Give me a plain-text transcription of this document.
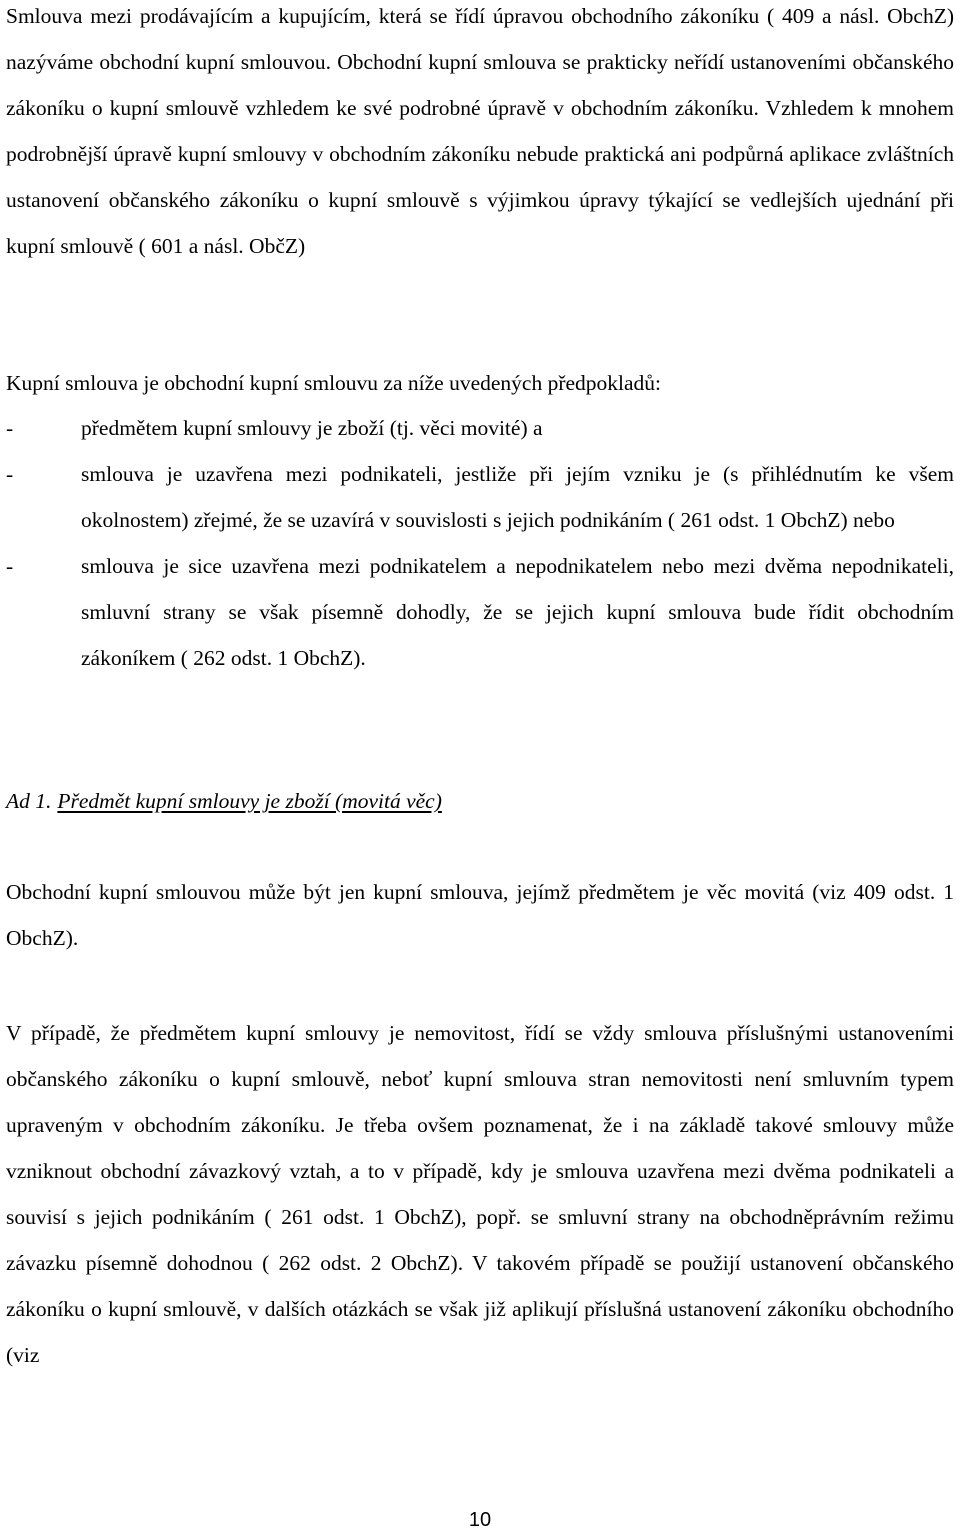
Smlouva mezi prodávajícím a kupujícím, která se řídí úpravou obchodního zákoníku ( 409 a násl. ObchZ) nazýváme obchodní kupní smlouvou. Obchodní kupní smlouva se prakticky neřídí ustanoveními občanského zákoníku o kupní smlouvě vzhledem ke své podrobné úpravě v obchodním zákoníku. Vzhledem k mnohem podrobnější úpravě kupní smlouvy v obchodním zákoníku nebude praktická ani podpůrná aplikace zvláštních ustanovení občanského zákoníku o kupní smlouvě s výjimkou úpravy týkající se vedlejších ujednání při kupní smlouvě ( 601 a násl. ObčZ)

Kupní smlouva je obchodní kupní smlouvu za níže uvedených předpokladů:

-	předmětem kupní smlouvy je zboží (tj. věci movité) a
-	smlouva je uzavřena mezi podnikateli, jestliže při jejím vzniku je (s přihlédnutím ke všem okolnostem) zřejmé, že se uzavírá v souvislosti s jejich podnikáním ( 261 odst. 1 ObchZ) nebo
-	smlouva je sice uzavřena mezi podnikatelem a nepodnikatelem nebo mezi dvěma nepodnikateli, smluvní strany se však písemně dohodly, že se jejich kupní smlouva bude řídit obchodním zákoníkem ( 262 odst. 1 ObchZ).
Ad 1. Předmět kupní smlouvy je zboží (movitá věc)

Obchodní kupní smlouvou může být jen kupní smlouva, jejímž předmětem je věc movitá (viz 409 odst. 1 ObchZ).

V případě, že předmětem kupní smlouvy je nemovitost, řídí se vždy smlouva příslušnými ustanoveními občanského zákoníku o kupní smlouvě, neboť kupní smlouva stran nemovitosti není smluvním typem upraveným v obchodním zákoníku. Je třeba ovšem poznamenat, že i na základě takové smlouvy může vzniknout obchodní závazkový vztah, a to v případě, kdy je smlouva uzavřena mezi dvěma podnikateli a souvisí s jejich podnikáním ( 261 odst. 1 ObchZ), popř. se smluvní strany na obchodněprávním režimu závazku písemně dohodnou ( 262 odst. 2 ObchZ). V takovém případě se použijí ustanovení občanského zákoníku o kupní smlouvě, v dalších otázkách se však již aplikují příslušná ustanovení zákoníku obchodního (viz

10
